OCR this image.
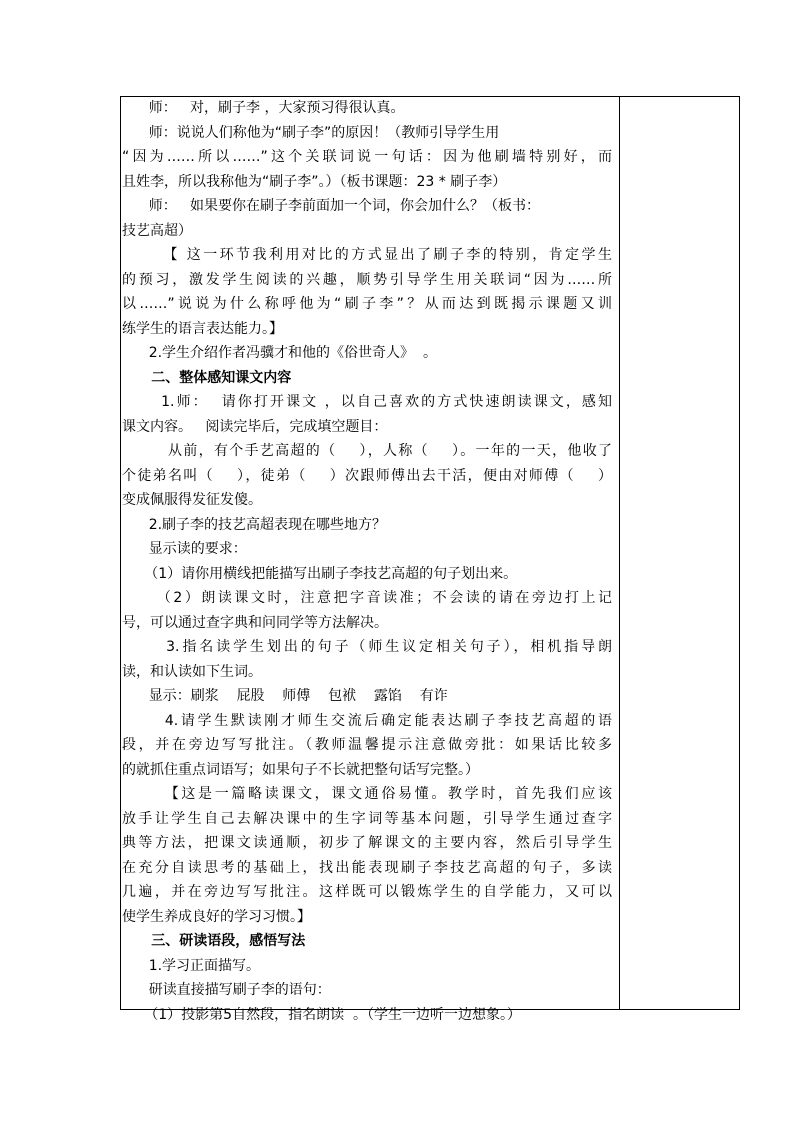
师：   对，刷子李 ，大家预习得很认真。
师：说说人们称他为“刷子李”的原因！（教师引导学生用
“因为……所以……”这个关联词说一句话：因为他刷墙特别好，而
且姓李，所以我称他为“刷子李”。）（板书课题：23 * 刷子李）
师：   如果要你在刷子李前面加一个词，你会加什么？（板书：
技艺高超）
【 这一环节我利用对比的方式显出了刷子李的特别，肯定学生
的预习，激发学生阅读的兴趣，顺势引导学生用关联词“因为……所
以……”说说为什么称呼他为“刷子李”？从而达到既揭示课题又训
练学生的语言表达能力。】
2.学生介绍作者冯骥才和他的《俗世奇人》  。
二、整体感知课文内容
1.师：  请你打开课文 ，以自己喜欢的方式快速朗读课文，感知
课文内容。   阅读完毕后，完成填空题目：
从前，有个手艺高超的（    ），人称（    ）。一年的一天，他收了
个徒弟名叫（    ），徒弟（    ）次跟师傅出去干活，便由对师傅（    ）
变成佩服得发征发傻。
2.刷子李的技艺高超表现在哪些地方？
显示读的要求：
（1）请你用横线把能描写出刷子李技艺高超的句子划出来。
（2）朗读课文时，注意把字音读准；不会读的请在旁边打上记
号，可以通过查字典和问同学等方法解决。
3.指名读学生划出的句子（师生议定相关句子），相机指导朗
读，和认读如下生词。
显示：刷浆    屁股    师傅    包袱    露馅    有诈
4.请学生默读刚才师生交流后确定能表达刷子李技艺高超的语
段，并在旁边写写批注。（教师温馨提示注意做旁批：如果话比较多
的就抓住重点词语写；如果句子不长就把整句话写完整。）
【这是一篇略读课文，课文通俗易懂。教学时，首先我们应该
放手让学生自己去解决课中的生字词等基本问题，引导学生通过查字
典等方法，把课文读通顺，初步了解课文的主要内容，然后引导学生
在充分自读思考的基础上，找出能表现刷子李技艺高超的句子，多读
几遍，并在旁边写写批注。这样既可以锻炼学生的自学能力，又可以
使学生养成良好的学习习惯。】
三、研读语段，感悟写法
1.学习正面描写。
研读直接描写刷子李的语句：
（1）投影第5自然段，指名朗读  。（学生一边听一边想象。）
